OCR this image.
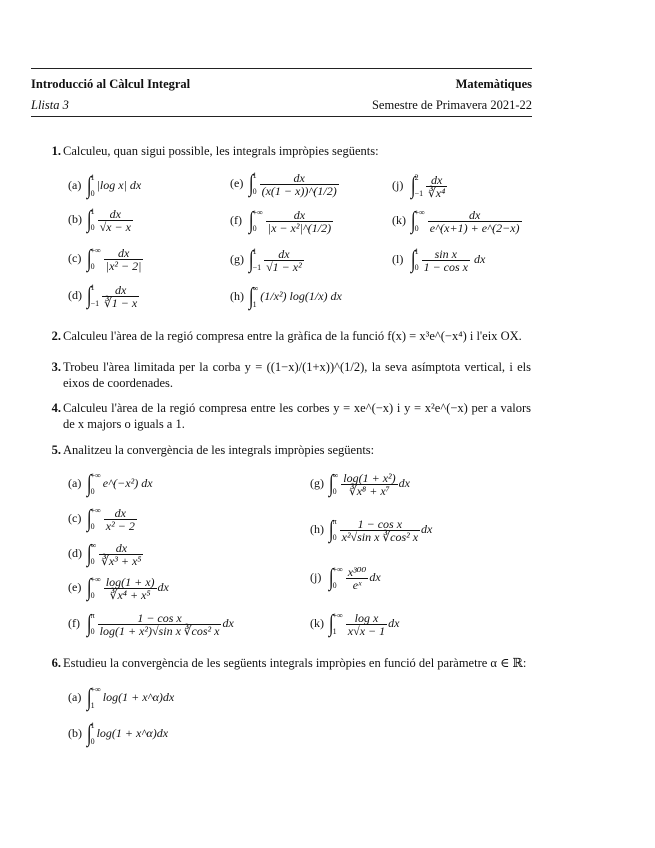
Introducció al Càlcul Integral	Matemàtiques
Llista 3	Semestre de Primavera 2021-22
1. Calculeu, quan sigui possible, les integrals impròpies següents:
(a) ∫
1
0
|log x| dx
(b) ∫
1
$0 \frac{dx}{√x - x}$
(c) ∫
+∞
$0 \frac{dx}{\text{|x² − 2|}}$
(d) ∫
1
$-1 \frac{dx}{∛1 - x}$
(e) ∫
1
$0 \frac{dx}{(x(1 - x))\^{}(1/2)}$
(f) ∫
+∞
$0 \frac{dx}{\text{|x − x²|\textasciicircum{}(1/2)}}$
(g) ∫
1
$-1 \frac{dx}{\text{√1 − x²}}$
(h) ∫
∞
1
(1/x²) log(1/x) dx
(j) ∫
2
$-1 \frac{dx}{\text{∛x⁴}}$
(k) ∫
+∞
$0 \frac{dx}{e\^{}(x+1) + e\^{}(2-x)}$
(l) ∫
1
$0 \frac{\text{sin x}}{\text{1 − cos x}}$ dx
2. Calculeu l'àrea de la regió compresa entre la gràfica de la funció f(x) = x³e^(−x⁴) i l'eix OX.
3. Trobeu l'àrea limitada per la corba y = ((1−x)/(1+x))^(1/2), la seva asímptota vertical, i els eixos de coordenades.
4. Calculeu l'àrea de la regió compresa entre les corbes y = xe^(−x) i y = x²e^(−x) per a valors de x majors o iguals a 1.
5. Analitzeu la convergència de les integrals impròpies següents:
(a) ∫
+∞
0
e^(−x²) dx
(c) ∫
+∞
$0 \frac{dx}{\text{x² − 2}}$
(d) ∫
∞
$0 \frac{dx}{\text{∛x³ + x⁵}}$
(e) ∫
+∞
$0 \frac{\log(1 + x)}{\text{∛x⁴ + x⁵}}$ dx
(f) ∫
π
$0 \frac{\text{1 − cos x}}{\text{log(1 + x²)√sin x ∛cos² x}}$ dx
(g) ∫
∞
$0 \frac{\text{log(1 + x²)}}{\text{∛x⁸ + x⁷}}$ dx
(h) ∫
π
$0 \frac{\text{1 − cos x}}{\text{x²√sin x ∛cos² x}}$ dx
(j) ∫
+∞
$0 \frac{\text{x³⁰⁰}}{\text{eˣ}}$ dx
(k) ∫
+∞
$1 \frac{\text{log x}}{x√x - 1}$ dx
6. Estudieu la convergència de les següents integrals impròpies en funció del paràmetre α ∈ ℝ:
(a) ∫
+∞
1
log(1 + x^α)dx
(b) ∫
1
0
log(1 + x^α)dx
